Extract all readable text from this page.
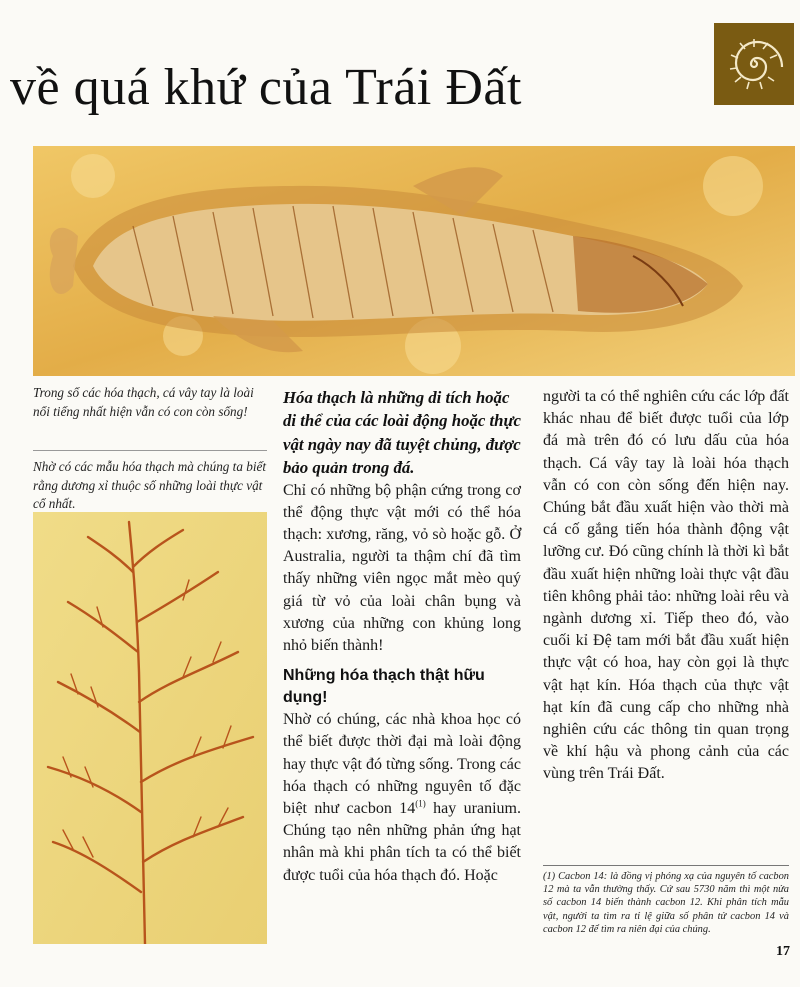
về quá khứ của Trái Đất
Trong số các hóa thạch, cá vây tay là loài nổi tiếng nhất hiện vẫn có con còn sống!
Nhờ có các mẫu hóa thạch mà chúng ta biết rằng dương xỉ thuộc số những loài thực vật cổ nhất.

Hóa thạch là những di tích hoặc di thể của các loài động hoặc thực vật ngày nay đã tuyệt chủng, được bảo quản trong đá.

Chỉ có những bộ phận cứng trong cơ thể động thực vật mới có thể hóa thạch: xương, răng, vỏ sò hoặc gỗ. Ở Australia, người ta thậm chí đã tìm thấy những viên ngọc mắt mèo quý giá từ vỏ của loài chân bụng và xương của những con khủng long nhỏ biến thành!

Những hóa thạch thật hữu dụng!

Nhờ có chúng, các nhà khoa học có thể biết được thời đại mà loài động hay thực vật đó từng sống. Trong các hóa thạch có những nguyên tố đặc biệt như cacbon 14$^{(1)}$ hay uranium. Chúng tạo nên những phản ứng hạt nhân mà khi phân tích ta có thể biết được tuổi của hóa thạch đó. Hoặc

người ta có thể nghiên cứu các lớp đất khác nhau để biết được tuổi của lớp đá mà trên đó có lưu dấu của hóa thạch. Cá vây tay là loài hóa thạch vẫn có con còn sống đến hiện nay. Chúng bắt đầu xuất hiện vào thời mà cá cố gắng tiến hóa thành động vật lưỡng cư. Đó cũng chính là thời kì bắt đầu xuất hiện những loài thực vật đầu tiên không phải tảo: những loài rêu và ngành dương xỉ. Tiếp theo đó, vào cuối kỉ Đệ tam mới bắt đầu xuất hiện thực vật có hoa, hay còn gọi là thực vật hạt kín. Hóa thạch của thực vật hạt kín đã cung cấp cho những nhà nghiên cứu các thông tin quan trọng về khí hậu và phong cảnh của các vùng trên Trái Đất.

(1) Cacbon 14: là đồng vị phóng xạ của nguyên tố cacbon 12 mà ta vẫn thường thấy. Cứ sau 5730 năm thì một nửa số cacbon 14 biến thành cacbon 12. Khi phân tích mẫu vật, người ta tìm ra tỉ lệ giữa số phân tử cacbon 14 và cacbon 12 để tìm ra niên đại của chúng.

17
